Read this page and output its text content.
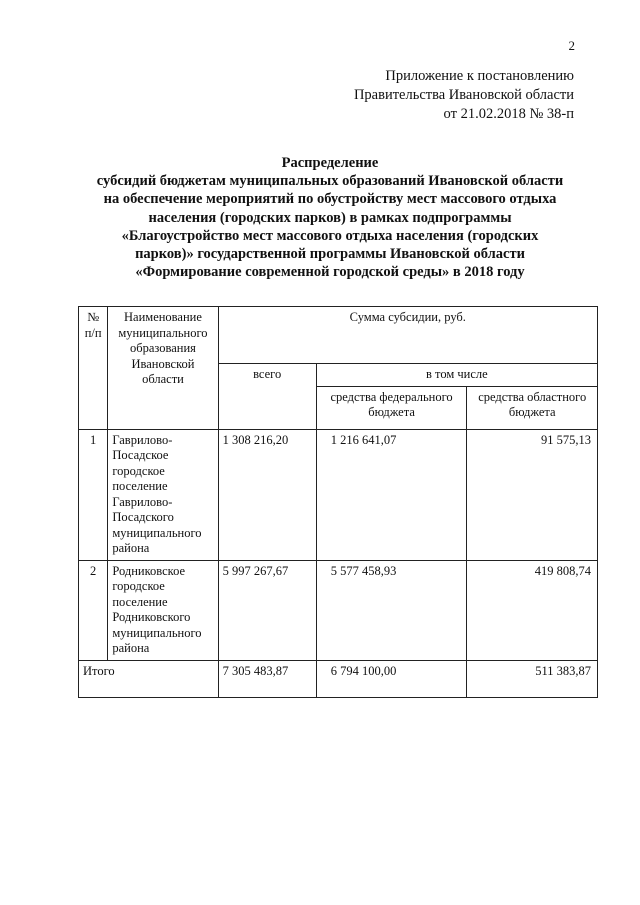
2
Приложение к постановлению
Правительства Ивановской области
от 21.02.2018 № 38-п
Распределение
субсидий бюджетам муниципальных образований Ивановской области
на обеспечение мероприятий по обустройству мест массового отдыха
населения (городских парков) в рамках подпрограммы
«Благоустройство мест массового отдыха населения (городских
парков)» государственной программы Ивановской области
«Формирование современной городской среды» в 2018 году
№ п/п	Наименование муниципального образования Ивановской области	Сумма субсидии, руб.		
		всего	в том числе	
			средства федерального бюджета	средства областного бюджета
1	Гаврилово-Посадское городское поселение Гаврилово-Посадского муниципального района	1 308 216,20	1 216 641,07	91 575,13
2	Родниковское городское поселение Родниковского муниципального района	5 997 267,67	5 577 458,93	419 808,74
Итого		7 305 483,87	6 794 100,00	511 383,87
